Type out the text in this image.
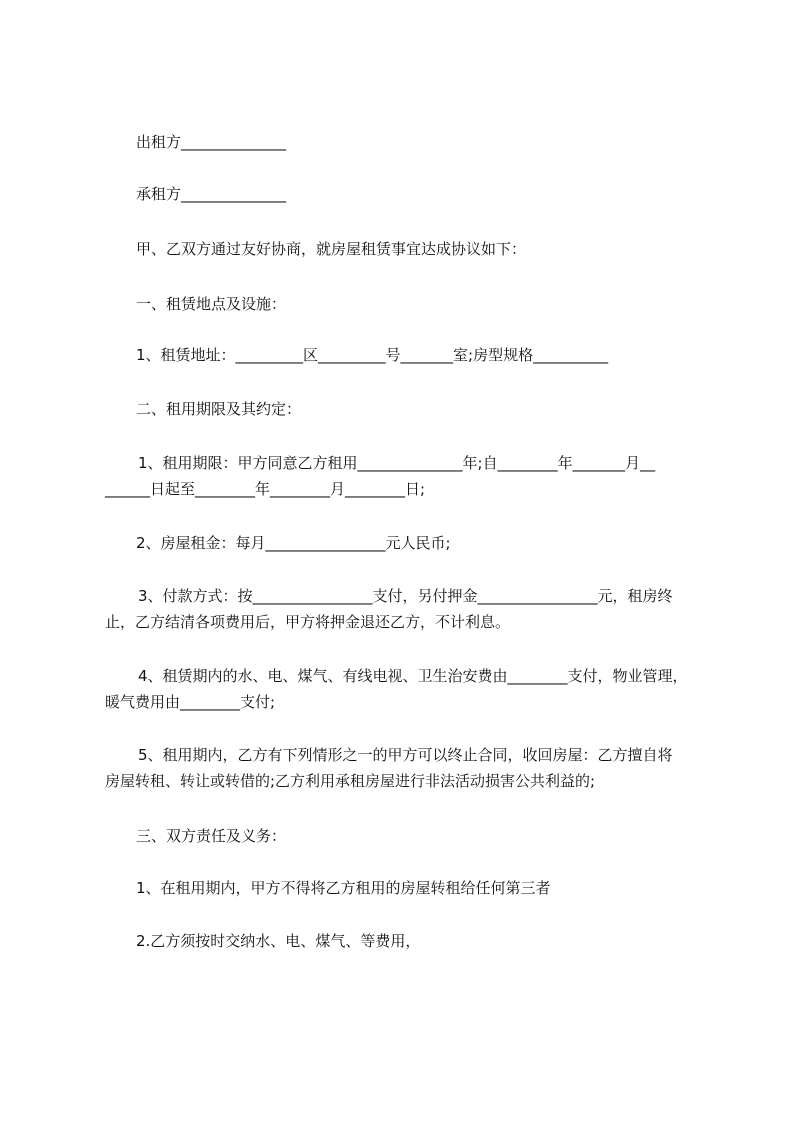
出租方______________
承租方______________
甲、乙双方通过友好协商，就房屋租赁事宜达成协议如下：
一、租赁地点及设施：
1、租赁地址：_________区_________号_______室;房型规格__________
二、租用期限及其约定：
1、租用期限：甲方同意乙方租用______________年;自________年_______月__
______日起至________年________月________日;
2、房屋租金：每月________________元人民币;
3、付款方式：按________________支付，另付押金________________元，租房终
止，乙方结清各项费用后，甲方将押金退还乙方，不计利息。
4、租赁期内的水、电、煤气、有线电视、卫生治安费由________支付，物业管理，
暖气费用由________支付;
5、租用期内，乙方有下列情形之一的甲方可以终止合同，收回房屋：乙方擅自将
房屋转租、转让或转借的;乙方利用承租房屋进行非法活动损害公共利益的;
三、双方责任及义务：
1、在租用期内，甲方不得将乙方租用的房屋转租给任何第三者
2.乙方须按时交纳水、电、煤气、等费用，
